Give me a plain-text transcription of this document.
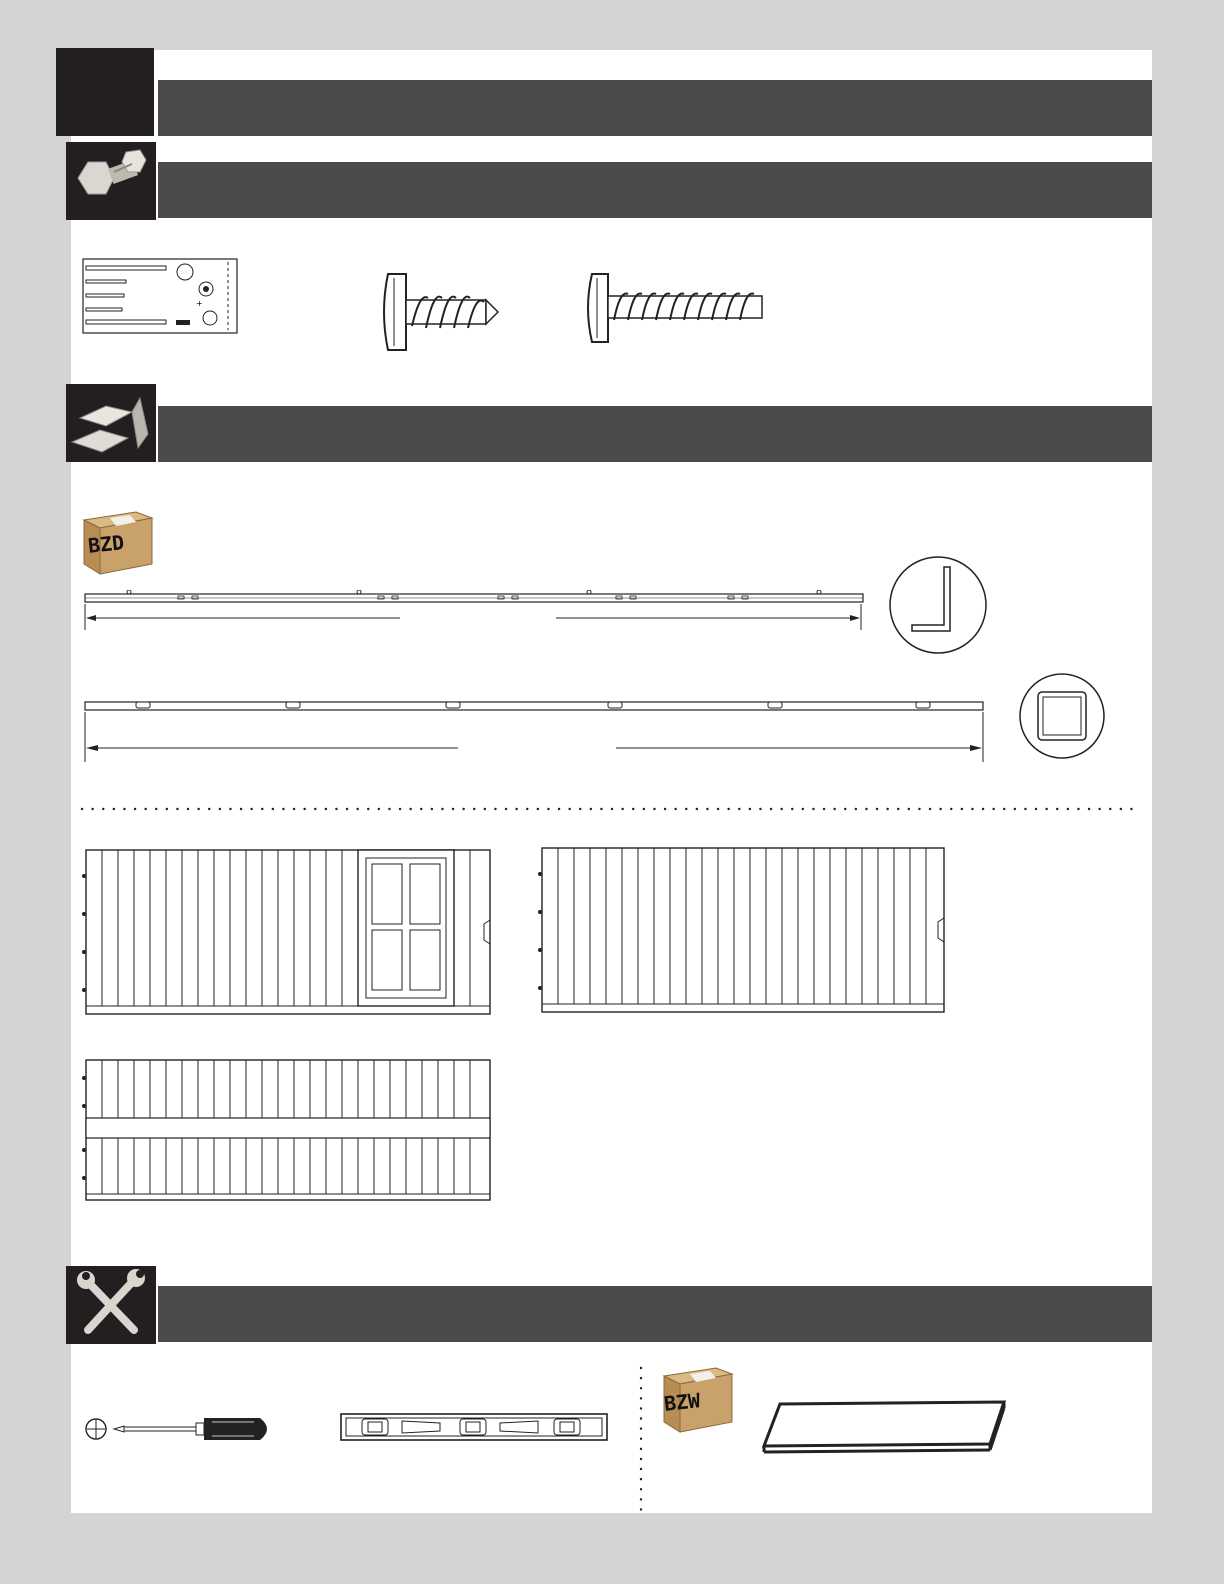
+
BZD
BZW
